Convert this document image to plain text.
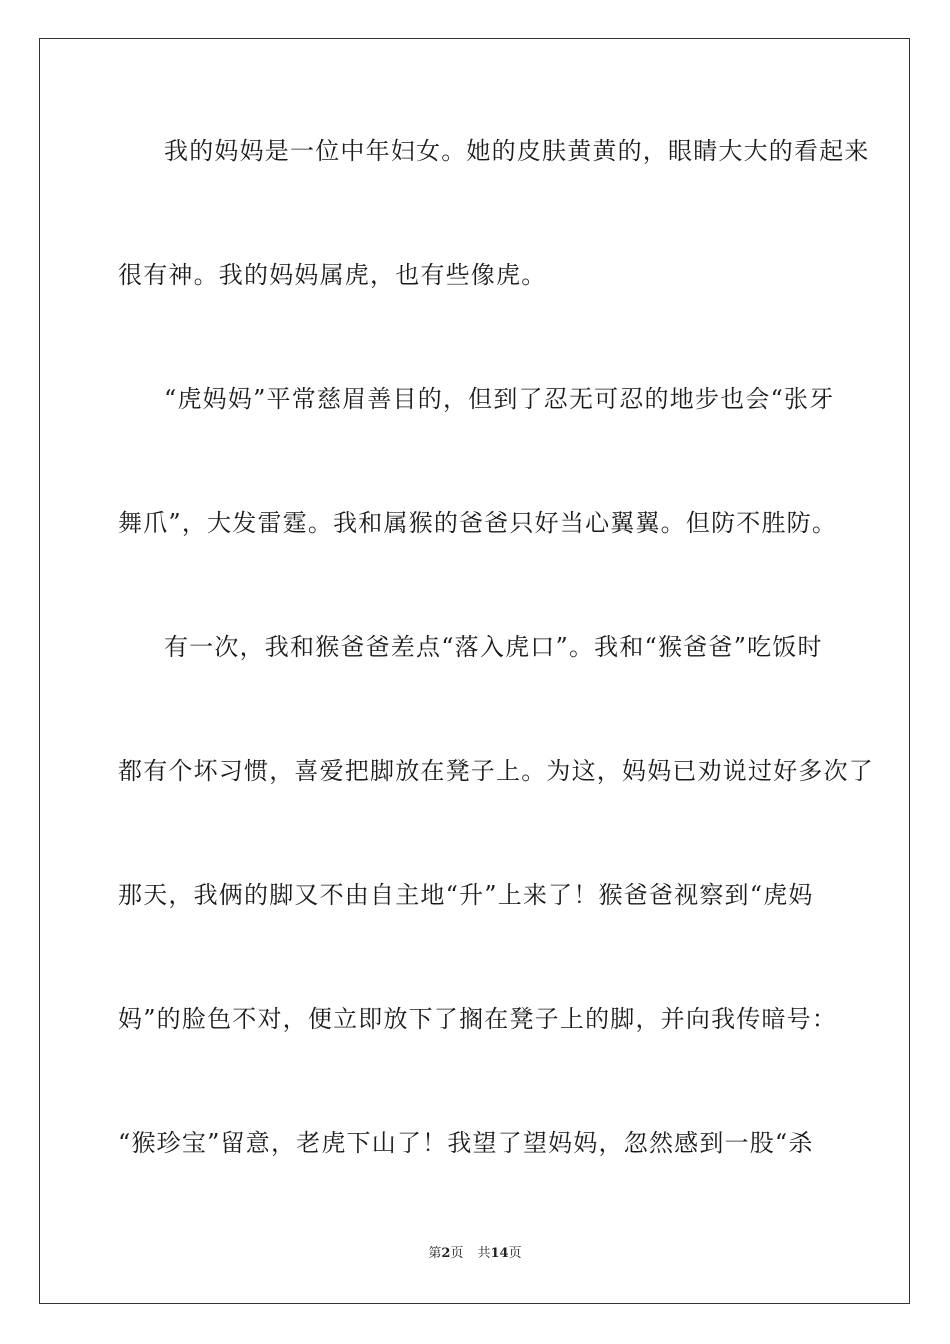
我的妈妈是一位中年妇女。她的皮肤黄黄的，眼睛大大的看起来
很有神。我的妈妈属虎，也有些像虎。
“虎妈妈”平常慈眉善目的，但到了忍无可忍的地步也会“张牙
舞爪”，大发雷霆。我和属猴的爸爸只好当心翼翼。但防不胜防。
有一次，我和猴爸爸差点“落入虎口”。我和“猴爸爸”吃饭时
都有个坏习惯，喜爱把脚放在凳子上。为这，妈妈已劝说过好多次了
那天，我俩的脚又不由自主地“升”上来了！猴爸爸视察到“虎妈
妈”的脸色不对，便立即放下了搁在凳子上的脚，并向我传暗号：
“猴珍宝”留意，老虎下山了！我望了望妈妈，忽然感到一股“杀
第2页 共14页
